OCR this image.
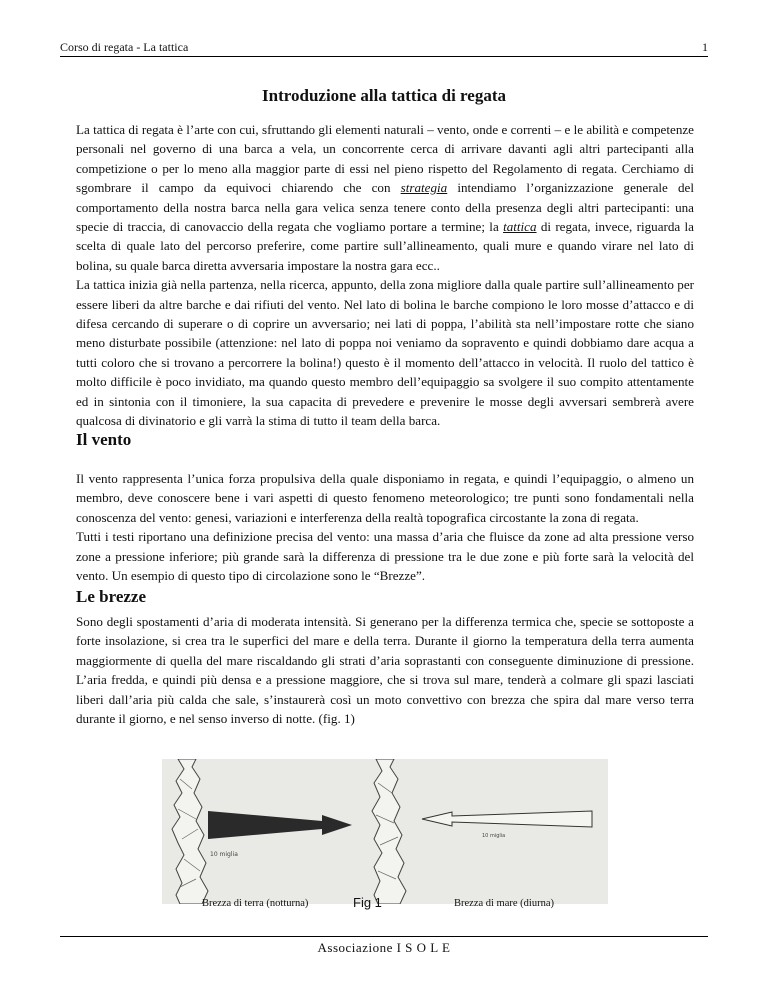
Corso di regata - La tattica	1
Introduzione alla tattica di regata

La tattica di regata è l’arte con cui, sfruttando gli elementi naturali – vento, onde e correnti – e le abilità e competenze personali nel governo di una barca a vela, un concorrente cerca di arrivare davanti agli altri partecipanti alla competizione o per lo meno alla maggior parte di essi nel pieno rispetto del Regolamento di regata. Cerchiamo di sgombrare il campo da equivoci chiarendo che con strategia intendiamo l’organizzazione generale del comportamento della nostra barca nella gara velica senza tenere conto della presenza degli altri partecipanti: una specie di traccia, di canovaccio della regata che vogliamo portare a termine; la tattica di regata, invece, riguarda la scelta di quale lato del percorso preferire, come partire sull’allineamento, quali mure e quando virare nel lato di bolina, su quale barca diretta avversaria impostare la nostra gara ecc..

La tattica inizia già nella partenza, nella ricerca, appunto, della zona migliore dalla quale partire sull’allineamento per essere liberi da altre barche e dai rifiuti del vento. Nel lato di bolina le barche compiono le loro mosse d’attacco e di difesa cercando di superare o di coprire un avversario; nei lati di poppa, l’abilità sta nell’impostare rotte che siano meno disturbate possibile (attenzione: nel lato di poppa noi veniamo da sopravento e quindi dobbiamo dare acqua a tutti coloro che si trovano a percorrere la bolina!) questo è il momento dell’attacco in velocità. Il ruolo del tattico è molto difficile è poco invidiato, ma quando questo membro dell’equipaggio sa svolgere il suo compito attentamente ed in sintonia con il timoniere, la sua capacita di prevedere e prevenire le mosse degli avversari sembrerà avere qualcosa di divinatorio e gli varrà la stima di tutto il team della barca.

Il vento

Il vento rappresenta l’unica forza propulsiva della quale disponiamo in regata, e quindi l’equipaggio, o almeno un membro, deve conoscere bene i vari aspetti di questo fenomeno meteorologico; tre punti sono fondamentali nella conoscenza del vento: genesi, variazioni e interferenza della realtà topografica circostante la zona di regata.

Tutti i testi riportano una definizione precisa del vento: una massa d’aria che fluisce da zone ad alta pressione verso zone a pressione inferiore; più grande sarà la differenza di pressione tra le due zone e più forte sarà la velocità del vento. Un esempio di questo tipo di circolazione sono le “Brezze”.

Le brezze

Sono degli spostamenti d’aria di moderata intensità. Si generano per la differenza termica che, specie se sottoposte a forte insolazione, si crea tra le superfici del mare e della terra. Durante il giorno la temperatura della terra aumenta maggiormente di quella del mare riscaldando gli strati d’aria soprastanti con conseguente diminuzione di pressione. L’aria fredda, e quindi più densa e a pressione maggiore, che si trova sul mare, tenderà a colmare gli spazi lasciati liberi dall’aria più calda che sale, s’instaurerà così un moto convettivo con brezza che spira dal mare verso terra durante il giorno, e nel senso inverso di notte. (fig. 1)

10 miglia
10 miglia
Brezza di terra (notturna)	Fig 1	Brezza di mare (diurna)
Associazione I S O L E
